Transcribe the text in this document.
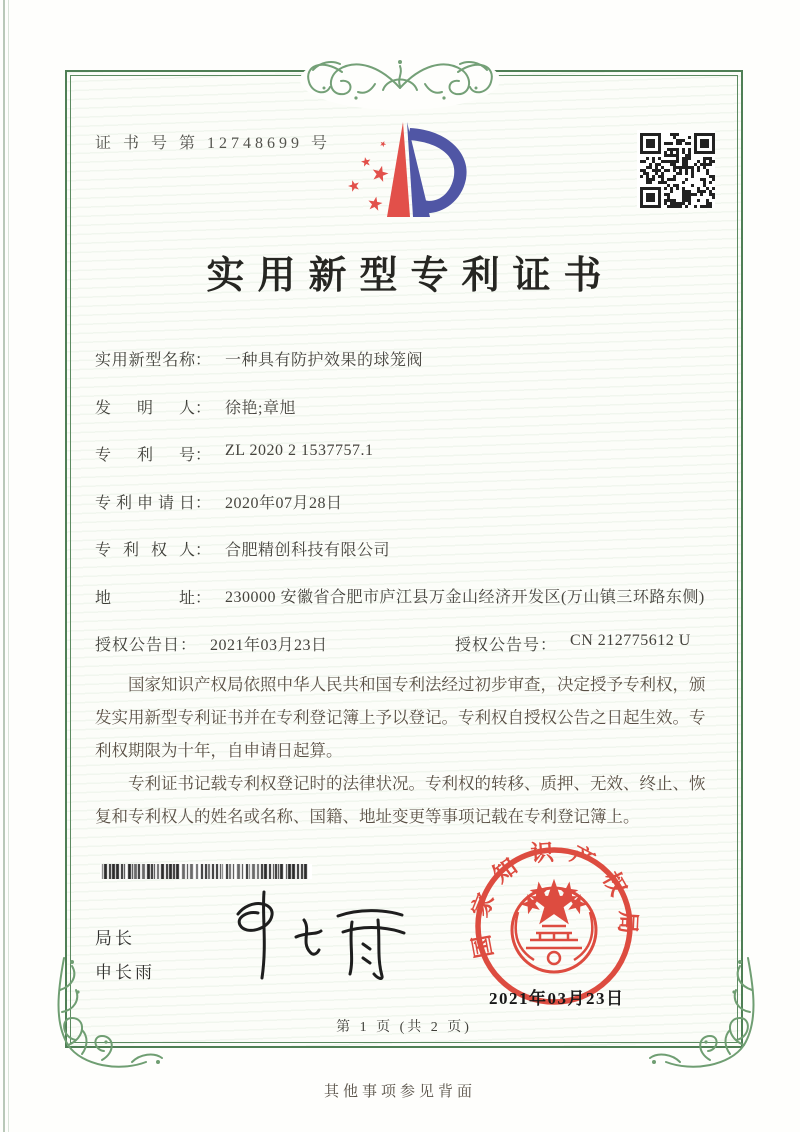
证 书 号 第 12748699 号
实用新型专利证书
实用新型名称： 一种具有防护效果的球笼阀
发明人： 徐艳;章旭
专利号： ZL 2020 2 1537757.1
专利申请日： 2020年07月28日
专利权人： 合肥精创科技有限公司
地址： 230000 安徽省合肥市庐江县万金山经济开发区(万山镇三环路东侧)
授权公告日： 2021年03月23日	授权公告号： CN 212775612 U

国家知识产权局依照中华人民共和国专利法经过初步审查，决定授予专利权，颁发实用新型专利证书并在专利登记簿上予以登记。专利权自授权公告之日起生效。专利权期限为十年，自申请日起算。

专利证书记载专利权登记时的法律状况。专利权的转移、质押、无效、终止、恢复和专利权人的姓名或名称、国籍、地址变更等事项记载在专利登记簿上。

局长
申长雨
国家知识产权局
2021年03月23日
第 1 页 (共 2 页)
其他事项参见背面
